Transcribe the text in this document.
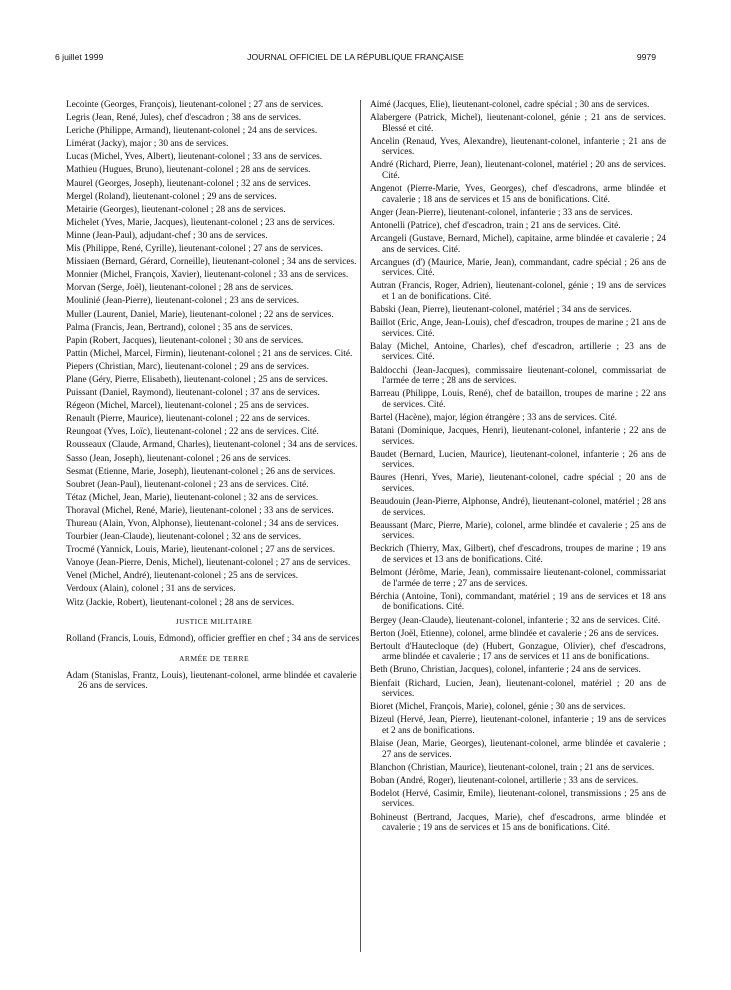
6 juillet 1999	JOURNAL OFFICIEL DE LA RÉPUBLIQUE FRANÇAISE	9979
Lecointe (Georges, François), lieutenant-colonel ; 27 ans de services.
Legris (Jean, René, Jules), chef d'escadron ; 38 ans de services.
Leriche (Philippe, Armand), lieutenant-colonel ; 24 ans de services.
Limérat (Jacky), major ; 30 ans de services.
Lucas (Michel, Yves, Albert), lieutenant-colonel ; 33 ans de services.
Mathieu (Hugues, Bruno), lieutenant-colonel ; 28 ans de services.
Maurel (Georges, Joseph), lieutenant-colonel ; 32 ans de services.
Mergel (Roland), lieutenant-colonel ; 29 ans de services.
Metairie (Georges), lieutenant-colonel ; 28 ans de services.
Michelet (Yves, Marie, Jacques), lieutenant-colonel ; 23 ans de services.
Minne (Jean-Paul), adjudant-chef ; 30 ans de services.
Mis (Philippe, René, Cyrille), lieutenant-colonel ; 27 ans de services.
Missiaen (Bernard, Gérard, Corneille), lieutenant-colonel ; 34 ans de services.
Monnier (Michel, François, Xavier), lieutenant-colonel ; 33 ans de services.
Morvan (Serge, Joël), lieutenant-colonel ; 28 ans de services.
Moulinié (Jean-Pierre), lieutenant-colonel ; 23 ans de services.
Muller (Laurent, Daniel, Marie), lieutenant-colonel ; 22 ans de services.
Palma (Francis, Jean, Bertrand), colonel ; 35 ans de services.
Papin (Robert, Jacques), lieutenant-colonel ; 30 ans de services.
Pattin (Michel, Marcel, Firmin), lieutenant-colonel ; 21 ans de services. Cité.
Piepers (Christian, Marc), lieutenant-colonel ; 29 ans de services.
Plane (Géry, Pierre, Elisabeth), lieutenant-colonel ; 25 ans de services.
Puissant (Daniel, Raymond), lieutenant-colonel ; 37 ans de services.
Régeon (Michel, Marcel), lieutenant-colonel ; 25 ans de services.
Renault (Pierre, Maurice), lieutenant-colonel ; 22 ans de services.
Reungoat (Yves, Loïc), lieutenant-colonel ; 22 ans de services. Cité.
Rousseaux (Claude, Armand, Charles), lieutenant-colonel ; 34 ans de services.
Sasso (Jean, Joseph), lieutenant-colonel ; 26 ans de services.
Sesmat (Etienne, Marie, Joseph), lieutenant-colonel ; 26 ans de services.
Soubret (Jean-Paul), lieutenant-colonel ; 23 ans de services. Cité.
Tétaz (Michel, Jean, Marie), lieutenant-colonel ; 32 ans de services.
Thoraval (Michel, René, Marie), lieutenant-colonel ; 33 ans de services.
Thureau (Alain, Yvon, Alphonse), lieutenant-colonel ; 34 ans de services.
Tourbier (Jean-Claude), lieutenant-colonel ; 32 ans de services.
Trocmé (Yannick, Louis, Marie), lieutenant-colonel ; 27 ans de services.
Vanoye (Jean-Pierre, Denis, Michel), lieutenant-colonel ; 27 ans de services.
Venel (Michel, André), lieutenant-colonel ; 25 ans de services.
Verdoux (Alain), colonel ; 31 ans de services.
Witz (Jackie, Robert), lieutenant-colonel ; 28 ans de services.
JUSTICE MILITAIRE
Rolland (Francis, Louis, Edmond), officier greffier en chef ; 34 ans de services.
ARMÉE DE TERRE
Adam (Stanislas, Frantz, Louis), lieutenant-colonel, arme blindée et cavalerie ; 26 ans de services.
Aimé (Jacques, Elie), lieutenant-colonel, cadre spécial ; 30 ans de services.
Alabergere (Patrick, Michel), lieutenant-colonel, génie ; 21 ans de services. Blessé et cité.
Ancelin (Renaud, Yves, Alexandre), lieutenant-colonel, infanterie ; 21 ans de services.
André (Richard, Pierre, Jean), lieutenant-colonel, matériel ; 20 ans de services. Cité.
Angenot (Pierre-Marie, Yves, Georges), chef d'escadrons, arme blindée et cavalerie ; 18 ans de services et 15 ans de bonifications. Cité.
Anger (Jean-Pierre), lieutenant-colonel, infanterie ; 33 ans de services.
Antonelli (Patrice), chef d'escadron, train ; 21 ans de services. Cité.
Arcangeli (Gustave, Bernard, Michel), capitaine, arme blindée et cavalerie ; 24 ans de services. Cité.
Arcangues (d') (Maurice, Marie, Jean), commandant, cadre spécial ; 26 ans de services. Cité.
Autran (Francis, Roger, Adrien), lieutenant-colonel, génie ; 19 ans de services et 1 an de bonifications. Cité.
Babski (Jean, Pierre), lieutenant-colonel, matériel ; 34 ans de services.
Baillot (Eric, Ange, Jean-Louis), chef d'escadron, troupes de marine ; 21 ans de services. Cité.
Balay (Michel, Antoine, Charles), chef d'escadron, artillerie ; 23 ans de services. Cité.
Baldocchi (Jean-Jacques), commissaire lieutenant-colonel, commissariat de l'armée de terre ; 28 ans de services.
Barreau (Philippe, Louis, René), chef de bataillon, troupes de marine ; 22 ans de services. Cité.
Bartel (Hacène), major, légion étrangère ; 33 ans de services. Cité.
Batani (Dominique, Jacques, Henri), lieutenant-colonel, infanterie ; 22 ans de services.
Baudet (Bernard, Lucien, Maurice), lieutenant-colonel, infanterie ; 26 ans de services.
Baures (Henri, Yves, Marie), lieutenant-colonel, cadre spécial ; 20 ans de services.
Beaudouin (Jean-Pierre, Alphonse, André), lieutenant-colonel, matériel ; 28 ans de services.
Beaussant (Marc, Pierre, Marie), colonel, arme blindée et cavalerie ; 25 ans de services.
Beckrich (Thierry, Max, Gilbert), chef d'escadrons, troupes de marine ; 19 ans de services et 13 ans de bonifications. Cité.
Belmont (Jérôme, Marie, Jean), commissaire lieutenant-colonel, commissariat de l'armée de terre ; 27 ans de services.
Bérchia (Antoine, Toni), commandant, matériel ; 19 ans de services et 18 ans de bonifications. Cité.
Bergey (Jean-Claude), lieutenant-colonel, infanterie ; 32 ans de services. Cité.
Berton (Joël, Etienne), colonel, arme blindée et cavalerie ; 26 ans de services.
Bertoult d'Hautecloque (de) (Hubert, Gonzague, Olivier), chef d'escadrons, arme blindée et cavalerie ; 17 ans de services et 11 ans de bonifications.
Beth (Bruno, Christian, Jacques), colonel, infanterie ; 24 ans de services.
Bienfait (Richard, Lucien, Jean), lieutenant-colonel, matériel ; 20 ans de services.
Bioret (Michel, François, Marie), colonel, génie ; 30 ans de services.
Bizeul (Hervé, Jean, Pierre), lieutenant-colonel, infanterie ; 19 ans de services et 2 ans de bonifications.
Blaise (Jean, Marie, Georges), lieutenant-colonel, arme blindée et cavalerie ; 27 ans de services.
Blanchon (Christian, Maurice), lieutenant-colonel, train ; 21 ans de services.
Boban (André, Roger), lieutenant-colonel, artillerie ; 33 ans de services.
Bodelot (Hervé, Casimir, Emile), lieutenant-colonel, transmissions ; 25 ans de services.
Bohineust (Bertrand, Jacques, Marie), chef d'escadrons, arme blindée et cavalerie ; 19 ans de services et 15 ans de bonifications. Cité.
